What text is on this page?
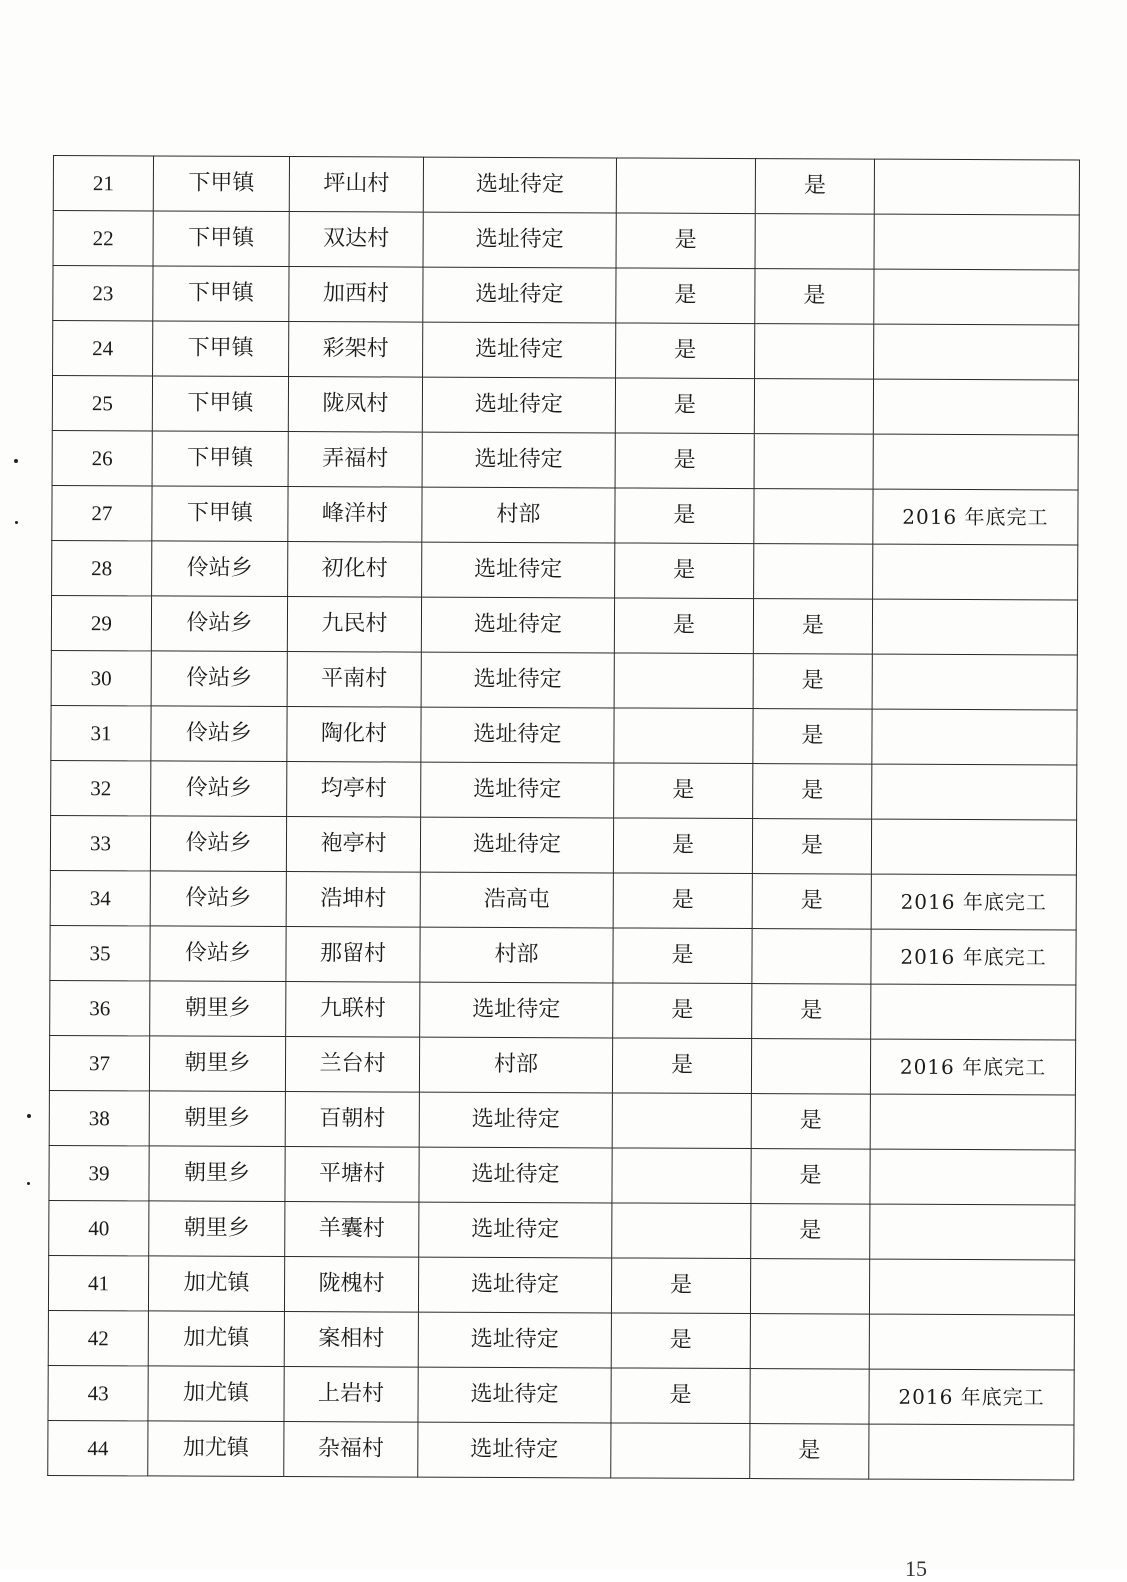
21	下甲镇	坪山村	选址待定		是	
22	下甲镇	双达村	选址待定	是		
23	下甲镇	加西村	选址待定	是	是	
24	下甲镇	彩架村	选址待定	是		
25	下甲镇	陇凤村	选址待定	是		
26	下甲镇	弄福村	选址待定	是		
27	下甲镇	峰洋村	村部	是		2016 年底完工
28	伶站乡	初化村	选址待定	是		
29	伶站乡	九民村	选址待定	是	是	
30	伶站乡	平南村	选址待定		是	
31	伶站乡	陶化村	选址待定		是	
32	伶站乡	均亭村	选址待定	是	是	
33	伶站乡	袍亭村	选址待定	是	是	
34	伶站乡	浩坤村	浩高屯	是	是	2016 年底完工
35	伶站乡	那留村	村部	是		2016 年底完工
36	朝里乡	九联村	选址待定	是	是	
37	朝里乡	兰台村	村部	是		2016 年底完工
38	朝里乡	百朝村	选址待定		是	
39	朝里乡	平塘村	选址待定		是	
40	朝里乡	羊囊村	选址待定		是	
41	加尤镇	陇槐村	选址待定	是		
42	加尤镇	案相村	选址待定	是		
43	加尤镇	上岩村	选址待定	是		2016 年底完工
44	加尤镇	杂福村	选址待定		是	
15
